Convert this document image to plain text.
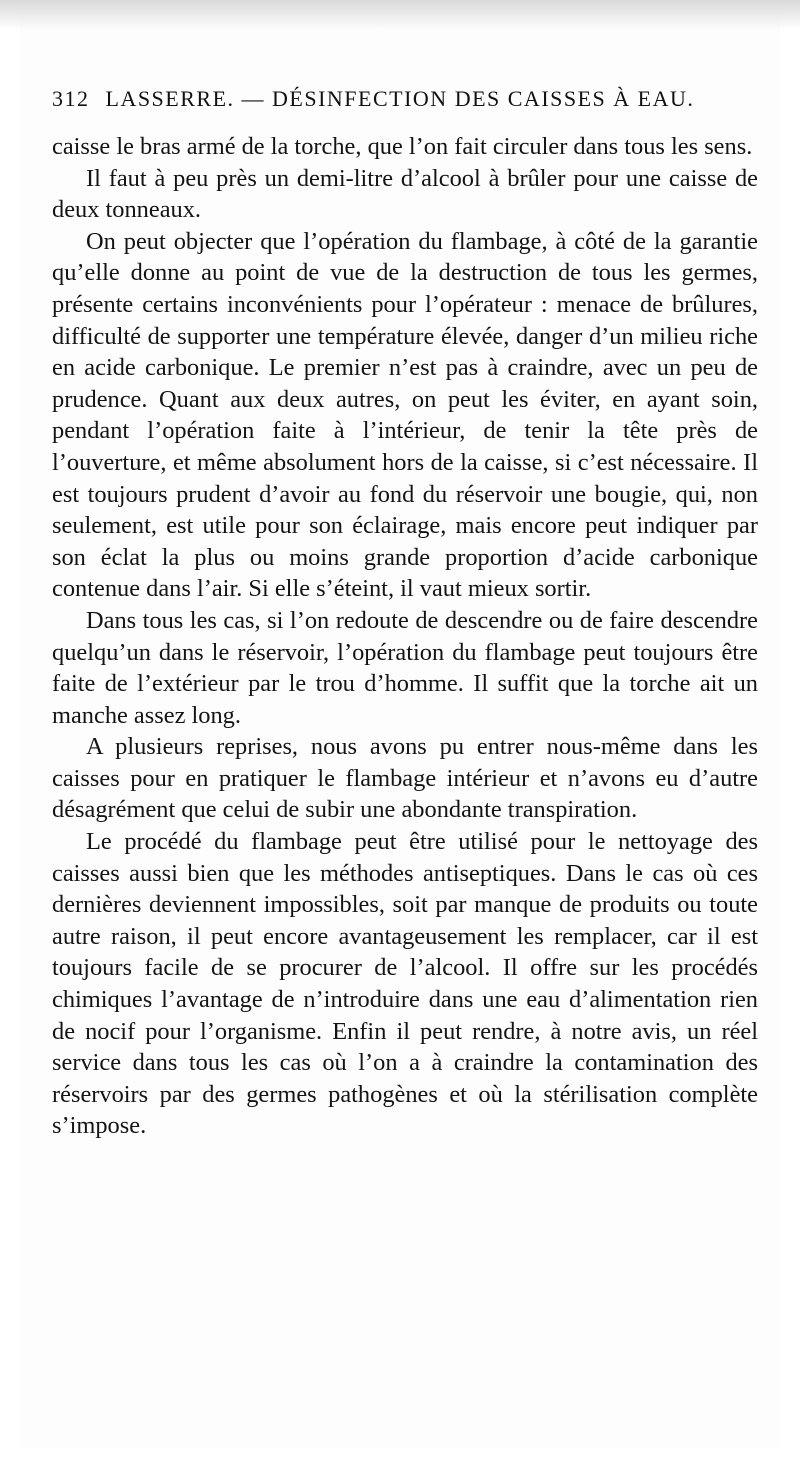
312 LASSERRE. — DÉSINFECTION DES CAISSES À EAU.

caisse le bras armé de la torche, que l’on fait circuler dans tous les sens.

Il faut à peu près un demi-litre d’alcool à brûler pour une caisse de deux tonneaux.

On peut objecter que l’opération du flambage, à côté de la garantie qu’elle donne au point de vue de la destruction de tous les germes, présente certains inconvénients pour l’opérateur : menace de brûlures, difficulté de supporter une température élevée, danger d’un milieu riche en acide carbonique. Le premier n’est pas à craindre, avec un peu de prudence. Quant aux deux autres, on peut les éviter, en ayant soin, pendant l’opération faite à l’intérieur, de tenir la tête près de l’ouverture, et même absolument hors de la caisse, si c’est nécessaire. Il est toujours prudent d’avoir au fond du réservoir une bougie, qui, non seulement, est utile pour son éclairage, mais encore peut indiquer par son éclat la plus ou moins grande proportion d’acide carbonique contenue dans l’air. Si elle s’éteint, il vaut mieux sortir.

Dans tous les cas, si l’on redoute de descendre ou de faire descendre quelqu’un dans le réservoir, l’opération du flambage peut toujours être faite de l’extérieur par le trou d’homme. Il suffit que la torche ait un manche assez long.

A plusieurs reprises, nous avons pu entrer nous-même dans les caisses pour en pratiquer le flambage intérieur et n’avons eu d’autre désagrément que celui de subir une abondante transpiration.

Le procédé du flambage peut être utilisé pour le nettoyage des caisses aussi bien que les méthodes antiseptiques. Dans le cas où ces dernières deviennent impossibles, soit par manque de produits ou toute autre raison, il peut encore avantageusement les remplacer, car il est toujours facile de se procurer de l’alcool. Il offre sur les procédés chimiques l’avantage de n’introduire dans une eau d’alimentation rien de nocif pour l’organisme. Enfin il peut rendre, à notre avis, un réel service dans tous les cas où l’on a à craindre la contamination des réservoirs par des germes pathogènes et où la stérilisation complète s’impose.
